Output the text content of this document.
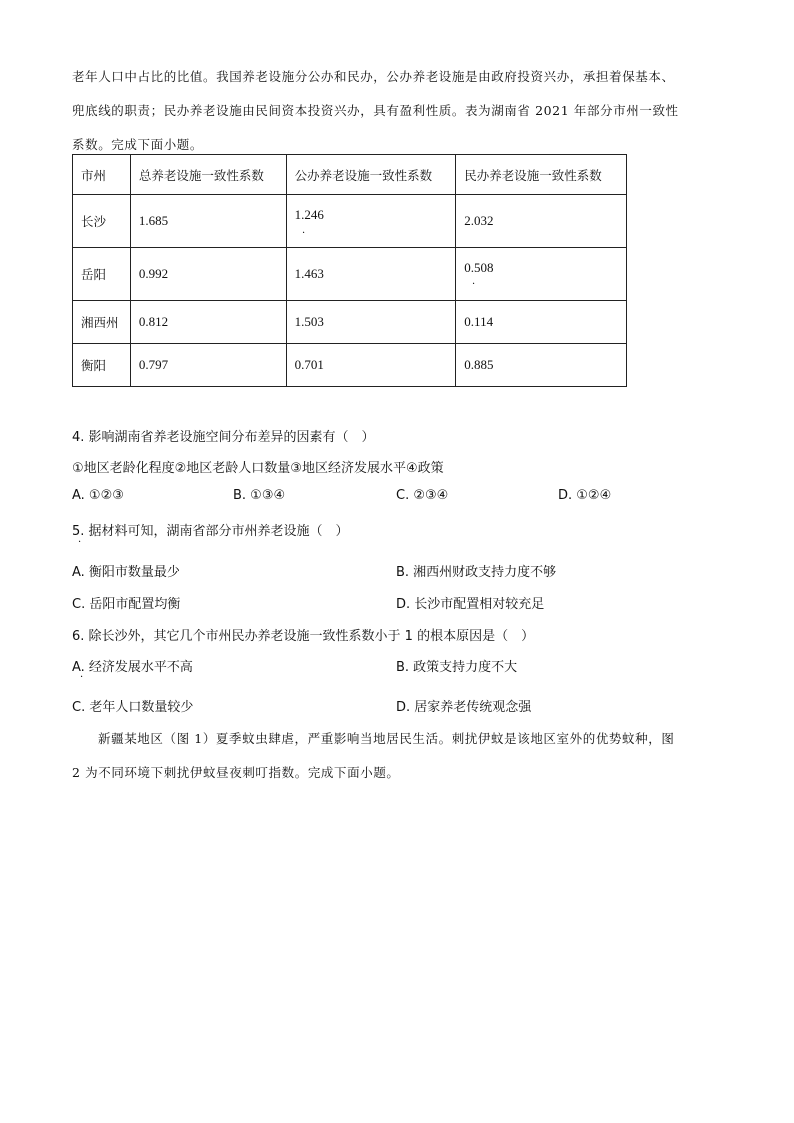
老年人口中占比的比值。我国养老设施分公办和民办，公办养老设施是由政府投资兴办，承担着保基本、
兜底线的职责；民办养老设施由民间资本投资兴办，具有盈利性质。表为湖南省 2021 年部分市州一致性
系数。完成下面小题。
市州	总养老设施一致性系数	公办养老设施一致性系数	民办养老设施一致性系数
长沙	1.685	1.246	2.032
岳阳	0.992	1.463	0.508
湘西州	0.812	1.503	0.114
衡阳	0.797	0.701	0.885
·
·
4. 影响湖南省养老设施空间分布差异的因素有（　）
①地区老龄化程度②地区老龄人口数量③地区经济发展水平④政策
A. ①②③	B. ①③④	C. ②③④	D. ①②④
5. 据材料可知，湖南省部分市州养老设施（　）
·
A. 衡阳市数量最少	B. 湘西州财政支持力度不够
C. 岳阳市配置均衡	D. 长沙市配置相对较充足
6. 除长沙外，其它几个市州民办养老设施一致性系数小于 1 的根本原因是（　）
A. 经济发展水平不高
·
B. 政策支持力度不大
C. 老年人口数量较少	D. 居家养老传统观念强
新疆某地区（图 1）夏季蚊虫肆虐，严重影响当地居民生活。刺扰伊蚊是该地区室外的优势蚊种，图
2 为不同环境下刺扰伊蚊昼夜刺叮指数。完成下面小题。
